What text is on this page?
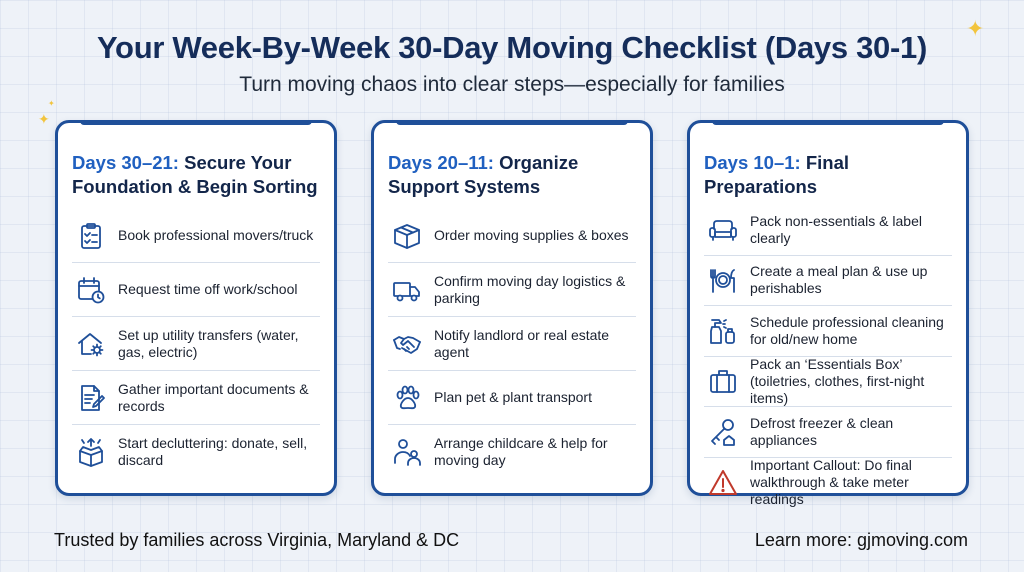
Your Week-By-Week 30-Day Moving Checklist (Days 30-1)
Turn moving chaos into clear steps—especially for families
✦
✦
✦
Days 30–21: Secure Your Foundation & Begin Sorting
Book professional movers/truck
Request time off work/school
Set up utility transfers (water, gas, electric)
Gather important documents & records
Start decluttering: donate, sell, discard
Days 20–11: Organize Support Systems
Order moving supplies & boxes
Confirm moving day logistics & parking
Notify landlord or real estate agent
Plan pet & plant transport
Arrange childcare & help for moving day
Days 10–1: Final Preparations
Pack non-essentials & label clearly
Create a meal plan & use up perishables
Schedule professional cleaning for old/new home
Pack an ‘Essentials Box’ (toiletries, clothes, first-night items)
Defrost freezer & clean appliances
Important Callout: Do final walkthrough & take meter readings
Trusted by families across Virginia, Maryland & DC	Learn more: gjmoving.com
